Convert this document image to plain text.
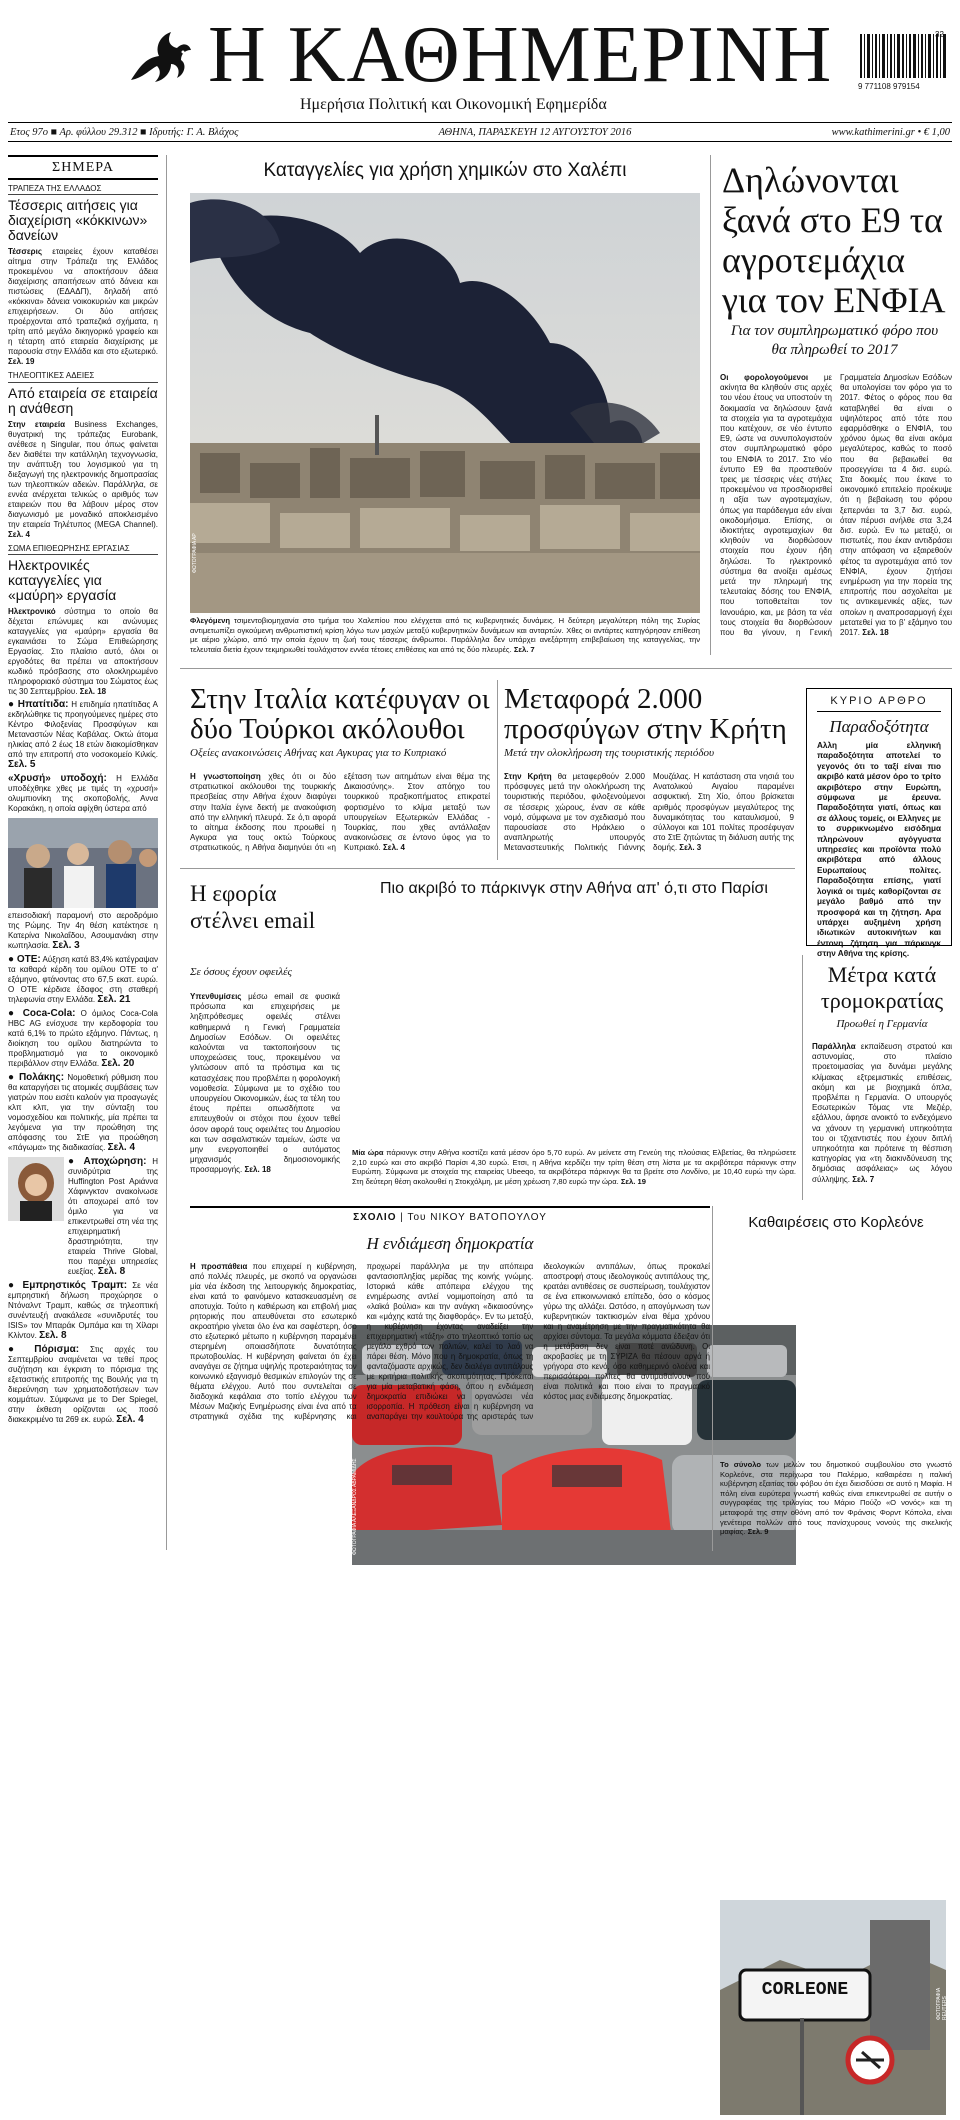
Η ΚΑΘΗΜΕΡΙΝΗ
Ημερήσια Πολιτική και Οικονομική Εφημερίδα
32
9 771108 979154
Ετος 97ο ■ Αρ. φύλλου 29.312 ■ Ιδρυτής: Γ. Α. Βλάχος	ΑΘΗΝΑ, ΠΑΡΑΣΚΕΥΗ 12 ΑΥΓΟΥΣΤΟΥ 2016	www.kathimerini.gr • € 1,00
ΣΗΜΕΡΑ
ΤΡΑΠΕΖΑ ΤΗΣ ΕΛΛΑΔΟΣ
Τέσσερις αιτήσεις για διαχείριση «κόκκινων» δανείων
Τέσσερις εταιρείες έχουν καταθέσει αίτημα στην Τράπεζα της Ελλάδος προκειμένου να αποκτήσουν άδεια διαχείρισης απαιτήσεων από δάνεια και πιστώσεις (ΕΔΑΔΠ), δηλαδή από «κόκκινα» δάνεια νοικοκυριών και μικρών επιχειρήσεων. Οι δύο αιτήσεις προέρχονται από τραπεζικά σχήματα, η τρίτη από μεγάλο δικηγορικό γραφείο και η τέταρτη από εταιρεία διαχείρισης με παρουσία στην Ελλάδα και στο εξωτερικό. Σελ. 19
ΤΗΛΕΟΠΤΙΚΕΣ ΑΔΕΙΕΣ
Από εταιρεία σε εταιρεία η ανάθεση
Στην εταιρεία Business Exchanges, θυγατρική της τράπεζας Eurobank, ανέθεσε η Singular, που όπως φαίνεται δεν διαθέτει την κατάλληλη τεχνογνωσία, την ανάπτυξη του λογισμικού για τη διεξαγωγή της ηλεκτρονικής δημοπρασίας των τηλεοπτικών αδειών. Παράλληλα, σε εννέα ανέρχεται τελικώς ο αριθμός των εταιρειών που θα λάβουν μέρος στον διαγωνισμό με μοναδικό αποκλεισμένο την εταιρεία Τηλέτυπος (MEGA Channel). Σελ. 4
ΣΩΜΑ ΕΠΙΘΕΩΡΗΣΗΣ ΕΡΓΑΣΙΑΣ
Ηλεκτρονικές καταγγελίες για «μαύρη» εργασία
Ηλεκτρονικό σύστημα το οποίο θα δέχεται επώνυμες και ανώνυμες καταγγελίες για «μαύρη» εργασία θα εγκαινιάσει το Σώμα Επιθεώρησης Εργασίας. Στο πλαίσιο αυτό, όλοι οι εργοδότες θα πρέπει να αποκτήσουν κωδικό πρόσβασης στο ολοκληρωμένο πληροφοριακό σύστημα του Σώματος έως τις 30 Σεπτεμβρίου. Σελ. 18
● Ηπατίτιδα: Η επιδημία ηπατίτιδας Α εκδηλώθηκε τις προηγούμενες ημέρες στο Κέντρο Φιλοξενίας Προσφύγων και Μεταναστών Νέας Καβάλας. Οκτώ άτομα ηλικίας από 2 έως 18 ετών διακομίσθηκαν από την επιτροπή στο νοσοκομείο Κιλκίς. Σελ. 5
«Χρυσή» υποδοχή: Η Ελλάδα υποδέχθηκε χθες με τιμές τη «χρυσή» ολυμπιονίκη της σκοποβολής, Αννα Κορακάκη, η οποία αφίχθη ύστερα από
επεισοδιακή παραμονή στο αεροδρόμιο της Ρώμης. Την 4η θέση κατέκτησε η Κατερίνα Νικολαΐδου, Ασουμανάκη στην κωπηλασία. Σελ. 3
● ΟΤΕ: Αύξηση κατά 83,4% κατέγραψαν τα καθαρά κέρδη του ομίλου ΟΤΕ το α' εξάμηνο, φτάνοντας στο 67,5 εκατ. ευρώ. Ο ΟΤΕ κέρδισε έδαφος στη σταθερή τηλεφωνία στην Ελλάδα. Σελ. 21
● Coca-Cola: Ο όμιλος Coca-Cola HBC AG ενίσχυσε την κερδοφορία του κατά 6,1% το πρώτο εξάμηνο. Πάντως, η διοίκηση του ομίλου διατηρώντα το προβληματισμό για το οικονομικό περιβάλλον στην Ελλάδα. Σελ. 20
● Πολάκης: Νομοθετική ρύθμιση που θα καταργήσει τις ατομικές συμβάσεις των γιατρών που εισέτι καλούν για προαγωγές κλπ κλπ, για την σύνταξη του νομοσχεδίου και πολιτικής, μία πρέπει τα λεγόμενα για την προώθηση της απόφασης του ΣτΕ για προώθηση «πάγωμα» της διαδικασίας. Σελ. 4
● Αποχώρηση: Η συνιδρύτρια της Huffington Post Αριάννα Χάφινγκτον ανακοίνωσε ότι αποχωρεί από τον όμιλο για να επικεντρωθεί στη νέα της επιχειρηματική δραστηριότητα, την εταιρεία Thrive Global, που παρέχει υπηρεσίες ευεξίας. Σελ. 8
● Εμπρηστικός Τραμπ: Σε νέα εμπρηστική δήλωση προχώρησε ο Ντόναλντ Τραμπ, καθώς σε τηλεοπτική συνέντευξή ανακάλεσε «συνιδρυτές του ISIS» τον Μπαράκ Ομπάμα και τη Χίλαρι Κλίντον. Σελ. 8
● Πόρισμα: Στις αρχές του Σεπτεμβρίου αναμένεται να τεθεί προς συζήτηση και έγκριση το πόρισμα της εξεταστικής επιτροπής της Βουλής για τη διερεύνηση των χρηματοδοτήσεων των κομμάτων. Σύμφωνα με το Der Spiegel, στην έκθεση ορίζονται ως ποσό διακεκριμένο τα 269 εκ. ευρώ. Σελ. 4
Καταγγελίες για χρήση χημικών στο Χαλέπι
ΦΩΤΟΓΡΑΦΙΑ ΑP
Φλεγόμενη τσιμεντοβιομηχανία στο τμήμα του Χαλεπίου που ελέγχεται από τις κυβερνητικές δυνάμεις. Η δεύτερη μεγαλύτερη πόλη της Συρίας αντιμετωπίζει ογκούμενη ανθρωπιστική κρίση λόγω των μαχών μεταξύ κυβερνητικών δυνάμεων και ανταρτών. Χθες οι αντάρτες κατηγόρησαν επίθεση με αέριο χλώριο, από την οποία έχουν τη ζωή τους τέσσερις άνθρωποι. Παράλληλα δεν υπάρχει ανεξάρτητη επιβεβαίωση της καταγγελίας, την τελευταία διετία έχουν τεκμηριωθεί τουλάχιστον εννέα τέτοιες επιθέσεις και από τις δύο πλευρές. Σελ. 7
Δηλώνονται ξανά στο Ε9 τα αγροτεμάχια για τον ΕΝΦΙΑ
Για τον συμπληρωματικό φόρο που θα πληρωθεί το 2017
Οι φορολογούμενοι με ακίνητα θα κληθούν στις αρχές του νέου έτους να υποστούν τη δοκιμασία να δηλώσουν ξανά τα στοιχεία για τα αγροτεμάχια που κατέχουν, σε νέο έντυπο Ε9, ώστε να συνυπολογιστούν στον συμπληρωματικό φόρο του ΕΝΦΙΑ το 2017. Στο νέο έντυπο Ε9 θα προστεθούν τρεις με τέσσερις νέες στήλες προκειμένου να προσδιορισθεί η αξία των αγροτεμαχίων, όπως για παράδειγμα εάν είναι οικοδομήσιμα. Επίσης, οι ιδιοκτήτες αγροτεμαχίων θα κληθούν να διορθώσουν στοιχεία που έχουν ήδη δηλώσει. Το ηλεκτρονικό σύστημα θα ανοίξει αμέσως μετά την πληρωμή της τελευταίας δόσης του ΕΝΦΙΑ, που τοποθετείται τον Ιανουάριο, και, με βάση τα νέα τους στοιχεία θα διορθώσουν που θα γίνουν, η Γενική Γραμματεία Δημοσίων Εσόδων θα υπολογίσει τον φόρο για το 2017. Φέτος ο φόρος που θα καταβληθεί θα είναι ο υψηλότερος από τότε που εφαρμόσθηκε ο ΕΝΦΙΑ, του χρόνου όμως θα είναι ακόμα μεγαλύτερος, καθώς το ποσό που θα βεβαιωθεί θα προσεγγίσει τα 4 δισ. ευρώ. Στα δοκιμές που έκανε το οικονομικό επιτελείο προέκυψε ότι η βεβαίωση του φόρου ξεπερνάει τα 3,7 δισ. ευρώ, όταν πέρυσι ανήλθε στα 3,24 δισ. ευρώ. Εν τω μεταξύ, οι πιστωτές, που έκαν αντιδράσει στην απόφαση να εξαιρεθούν φέτος τα αγροτεμάχια από τον ΕΝΦΙΑ, έχουν ζητήσει ενημέρωση για την πορεία της επιτροπής που ασχολείται με τις αντικειμενικές αξίες, των οποίων η αναπροσαρμογή έχει μετατεθεί για το β' εξάμηνο του 2017. Σελ. 18
Στην Ιταλία κατέφυγαν οι δύο Τούρκοι ακόλουθοι
Οξείες ανακοινώσεις Αθήνας και Αγκυρας για το Κυπριακό
Η γνωστοποίηση χθες ότι οι δύο στρατιωτικοί ακόλουθοι της τουρκικής πρεσβείας στην Αθήνα έχουν διαφύγει στην Ιταλία έγινε δεκτή με ανακούφιση από την ελληνική πλευρά. Σε ό,τι αφορά το αίτημα έκδοσης που προωθεί η Αγκυρα για τους οκτώ Τούρκους στρατιωτικούς, η Αθήνα διαμηνύει ότι «η εξέταση των αιτημάτων είναι θέμα της Δικαιοσύνης». Στον απόηχο του τουρκικού πραξικοπήματος επικρατεί φορτισμένο το κλίμα μεταξύ των υπουργείων Εξωτερικών Ελλάδας - Τουρκίας, που χθες αντάλλαξαν ανακοινώσεις σε έντονο ύφος για το Κυπριακό. Σελ. 4
Μεταφορά 2.000 προσφύγων στην Κρήτη
Μετά την ολοκλήρωση της τουριστικής περιόδου
Στην Κρήτη θα μεταφερθούν 2.000 πρόσφυγες μετά την ολοκλήρωση της τουριστικής περιόδου, φιλοξενούμενοι σε τέσσερις χώρους, έναν σε κάθε νομό, σύμφωνα με τον σχεδιασμό που παρουσίασε στο Ηράκλειο ο αναπληρωτής υπουργός Μεταναστευτικής Πολιτικής Γιάννης Μουζάλας. Η κατάσταση στα νησιά του Ανατολικού Αιγαίου παραμένει ασφυκτική. Στη Χίο, όπου βρίσκεται αριθμός προσφύγων μεγαλύτερος της δυναμικότητας του καταυλισμού, 9 σύλλογοι και 101 πολίτες προσέφυγαν στο ΣτΕ ζητώντας τη διάλυση αυτής της δομής. Σελ. 3
ΚΥΡΙΟ ΑΡΘΡΟ
Παραδοξότητα
Αλλη μία ελληνική παραδοξότητα αποτελεί το γεγονός ότι το ταξί είναι πιο ακριβό κατά μέσον όρο το τρίτο ακριβότερο στην Ευρώπη, σύμφωνα με έρευνα. Παραδοξότητα γιατί, όπως και σε άλλους τομείς, οι Ελληνες με το συρρικνωμένο εισόδημα πληρώνουν αγόγγυστα υπηρεσίες και προϊόντα πολύ ακριβότερα από άλλους Ευρωπαίους πολίτες. Παραδοξότητα επίσης, γιατί λογικά οι τιμές καθορίζονται σε μεγάλο βαθμό από την προσφορά και τη ζήτηση. Αρα υπάρχει αυξημένη χρήση ιδιωτικών αυτοκινήτων και έντονη ζήτηση για πάρκινγκ στην Αθήνα της κρίσης.
Η εφορία στέλνει email
Σε όσους έχουν οφειλές
Υπενθυμίσεις μέσω email σε φυσικά πρόσωπα και επιχειρήσεις με ληξιπρόθεσμες οφειλές στέλνει καθημερινά η Γενική Γραμματεία Δημοσίων Εσόδων. Οι οφειλέτες καλούνται να τακτοποιήσουν τις υποχρεώσεις τους, προκειμένου να γλιτώσουν από τα πρόστιμα και τις κατασχέσεις που προβλέπει η φορολογική νομοθεσία. Σύμφωνα με το σχέδιο του υπουργείου Οικονομικών, έως τα τέλη του έτους πρέπει οπωσδήποτε να επιτευχθούν οι στόχοι που έχουν τεθεί όσον αφορά τους οφειλέτες του Δημοσίου και των ασφαλιστικών ταμείων, ώστε να μην ενεργοποιηθεί ο αυτόματος μηχανισμός δημοσιονομικής προσαρμογής. Σελ. 18
Πιο ακριβό το πάρκινγκ στην Αθήνα απ' ό,τι στο Παρίσι
ΦΩΤΟΓΡΑΦΙΑ ΑΛΕΞΑΝΔΡΟΣ ΑΒΡΑΜΙΔΗΣ
Μία ώρα πάρκινγκ στην Αθήνα κοστίζει κατά μέσον όρο 5,70 ευρώ. Αν μείνετε στη Γενεύη της πλούσιας Ελβετίας, θα πληρώσετε 2,10 ευρώ και στο ακριβό Παρίσι 4,30 ευρώ. Ετσι, η Αθήνα κερδίζει την τρίτη θέση στη λίστα με τα ακριβότερα πάρκινγκ στην Ευρώπη. Σύμφωνα με στοιχεία της εταιρείας Ubeeqo, τα ακριβότερα πάρκινγκ θα τα βρείτε στο Λονδίνο, με 10,40 ευρώ την ώρα. Στη δεύτερη θέση ακολουθεί η Στοκχόλμη, με μέση χρέωση 7,80 ευρώ την ώρα. Σελ. 19
Μέτρα κατά τρομοκρατίας
Προωθεί η Γερμανία
Παράλληλα εκπαίδευση στρατού και αστυνομίας, στο πλαίσιο προετοιμασίας για δυνάμει μεγάλης κλίμακας εξτρεμιστικές επιθέσεις, ακόμη και με βιοχημικά όπλα, προβλέπει η Γερμανία. Ο υπουργός Εσωτερικών Τόμας ντε Μεζιέρ, εξάλλου, άφησε ανοικτό το ενδεχόμενο να χάνουν τη γερμανική υπηκοότητα του οι τζιχαντιστές που έχουν διπλή υπηκοότητα και πρότεινε τη θέσπιση κατηγορίας για «τη διακινδύνευση της δημόσιας ασφάλειας» ως λόγου σύλληψης. Σελ. 7
ΣΧΟΛΙΟ | Του ΝΙΚΟΥ ΒΑΤΟΠΟΥΛΟΥ
Η ενδιάμεση δημοκρατία
Η προσπάθεια που επιχειρεί η κυβέρνηση, από πολλές πλευρές, με σκοπό να οργανώσει μία νέα έκδοση της λειτουργικής δημοκρατίας, είναι κατά το φαινόμενο κατασκευασμένη σε αποτυχία. Τούτο η καθιέρωση και επιβολή μιας ρητορικής που απευθύνεται στο εσωτερικό ακροατήριο γίνεται όλο ένα και σαφέστερη, όσο στο εξωτερικό μέτωπο η κυβέρνηση παραμένει στερημένη οποιασδήποτε δυνατότητας πρωτοβουλίας. Η κυβέρνηση φαίνεται ότι έχει αναγάγει σε ζήτημα υψηλής προτεραιότητας τον κοινωνικό εξαγνισμό θεσμικών επιλογών της σε θέματα ελέγχου. Αυτό που συντελείται σε διαδοχικά κεφάλαια στο τοπίο ελέγχου των Μέσων Μαζικής Ενημέρωσης είναι ένα από τα στρατηγικά σχέδια της κυβέρνησης και προχωρεί παράλληλα με την απόπειρα φαντασιοπληξίας μερίδας της κοινής γνώμης. Ιστορικά κάθε απόπειρα ελέγχου της ενημέρωσης αντλεί νομιμοποίηση από τα «λαϊκά βούλια» και την ανάγκη «δικαιοσύνης» και «μάχης κατά της διαφθοράς». Εν τω μεταξύ, η κυβέρνηση έχοντας αναδείξει την επιχειρηματική «τάξη» στο τηλεοπτικό τοπίο ως μεγάλο εχθρό των πολιτών, καλεί το λαό να πάρει θέση. Μόνο που η δημοκρατία, όπως τη φανταζόμαστε αρχικώς, δεν διαλέγει αντιπάλους με κριτήρια πολιτικής σκοπιμότητας. Πρόκειται για μία μεταβατική φάση, όπου η ενδιάμεση δημοκρατία επιδιώκει να οργανώσει νέα ισορροπία. Η πρόθεση είναι η κυβέρνηση να αναπαράγει την κουλτούρα της αριστεράς των ιδεολογικών αντιπάλων, όπως προκαλεί αποστροφή στους ιδεολογικούς αντιπάλους της, κρατάει αντιθέσεις σε συσπείρωση, τουλάχιστον σε ένα επικοινωνιακό επίπεδο, όσο ο κόσμος γύρω της αλλάζει. Ωστόσο, η απογύμνωση των κυβερνητικών τακτικισμών είναι θέμα χρόνου και η αναμέτρηση με την πραγματικότητα θα αρχίσει σύντομα. Τα μεγάλα κόμματα έδειξαν ότι η μετάβαση δεν είναι ποτέ ανώδυνη. Οι ακροβασίες με τη ΣΥΡΙΖΑ θα πέσουν αργά ή γρήγορα στο κενό, όσο καθημερινό ολοένα και περισσότεροι πολίτες θα αντιμαθαίνουν πού είναι πολιτικά και ποιο είναι το πραγματικό κόστος μιας ενδιάμεσης δημοκρατίας.
Καθαιρέσεις στο Κορλεόνε
CORLEONE	ΦΩΤΟΓΡΑΦΙΑ REUTERS
Το σύνολο των μελών του δημοτικού συμβουλίου στο γνωστό Κορλεόνε, στα περίχωρα του Παλέρμο, καθαιρέσει η ιταλική κυβέρνηση εξαιτίας του φόβου ότι έχει διεισδύσει σε αυτό η Μαφία. Η πόλη είναι ευρύτερα γνωστή καθώς είναι επικεντρωθεί σε αυτήν ο συγγραφέας της τριλογίας του Μάριο Πούζο «Ο νονός» και τη μεταφορά της στην οθόνη από τον Φράνσις Φορντ Κόπολα, είναι γενέτειρα πολλών από τους πανίσχυρους νονούς της σικελικής μαφίας. Σελ. 9
